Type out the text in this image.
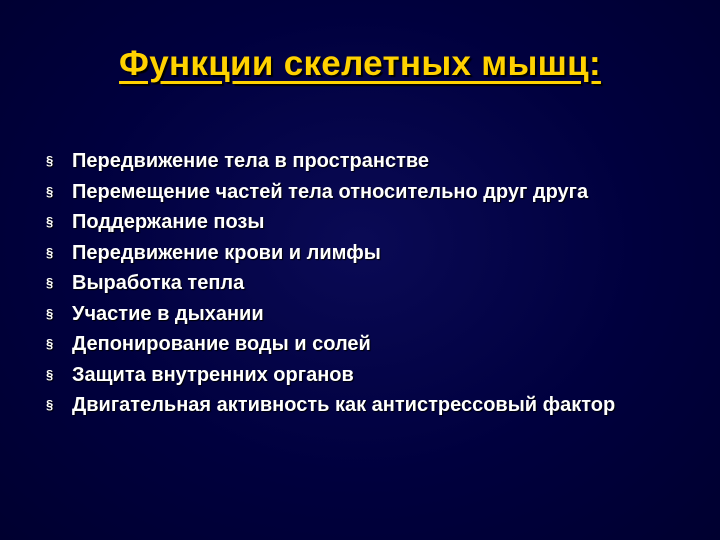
Функции скелетных мышц:
§ Передвижение тела в пространстве
§ Перемещение частей тела относительно друг друга
§ Поддержание позы
§ Передвижение крови и лимфы
§ Выработка тепла
§ Участие в дыхании
§ Депонирование воды и солей
§ Защита внутренних органов
§ Двигательная активность как антистрессовый фактор
